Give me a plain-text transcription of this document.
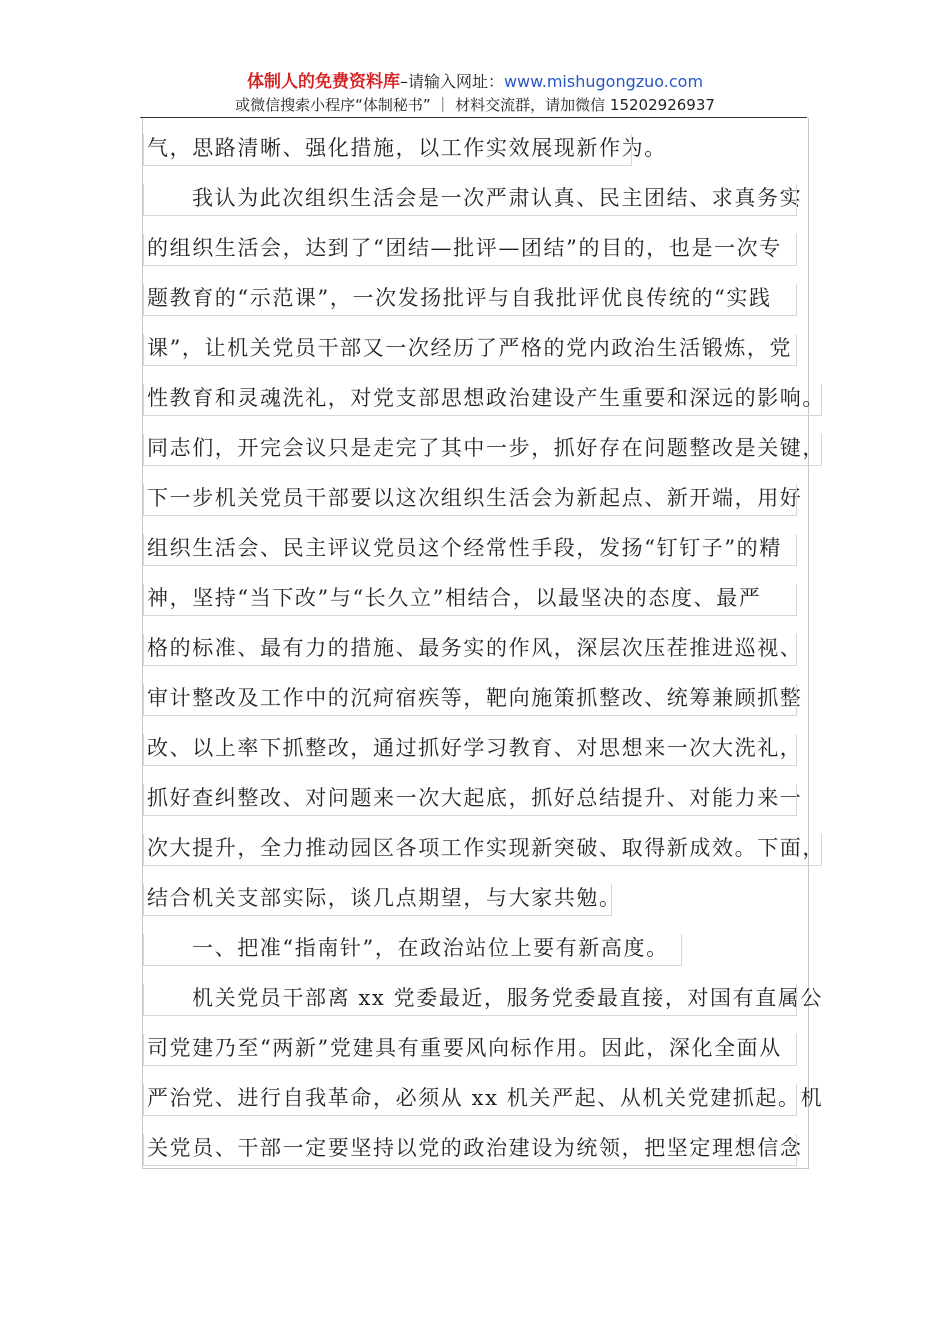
体制人的免费资料库–请输入网址：www.mishugongzuo.com
或微信搜索小程序“体制秘书” ｜ 材料交流群，请加微信 15202926937
气，思路清晰、强化措施，以工作实效展现新作为。
我认为此次组织生活会是一次严肃认真、民主团结、求真务实
的组织生活会，达到了“团结—批评—团结”的目的，也是一次专
题教育的“示范课”，一次发扬批评与自我批评优良传统的“实践
课”，让机关党员干部又一次经历了严格的党内政治生活锻炼，党
性教育和灵魂洗礼，对党支部思想政治建设产生重要和深远的影响。
同志们，开完会议只是走完了其中一步，抓好存在问题整改是关键，
下一步机关党员干部要以这次组织生活会为新起点、新开端，用好
组织生活会、民主评议党员这个经常性手段，发扬“钉钉子”的精
神，坚持“当下改”与“长久立”相结合，以最坚决的态度、最严
格的标准、最有力的措施、最务实的作风，深层次压茬推进巡视、
审计整改及工作中的沉疴宿疾等，靶向施策抓整改、统筹兼顾抓整
改、以上率下抓整改，通过抓好学习教育、对思想来一次大洗礼，
抓好查纠整改、对问题来一次大起底，抓好总结提升、对能力来一
次大提升，全力推动园区各项工作实现新突破、取得新成效。下面，
结合机关支部实际，谈几点期望，与大家共勉。
一、把准“指南针”，在政治站位上要有新高度。
机关党员干部离 xx 党委最近，服务党委最直接，对国有直属公
司党建乃至“两新”党建具有重要风向标作用。因此，深化全面从
严治党、进行自我革命，必须从 xx 机关严起、从机关党建抓起。机
关党员、干部一定要坚持以党的政治建设为统领，把坚定理想信念
